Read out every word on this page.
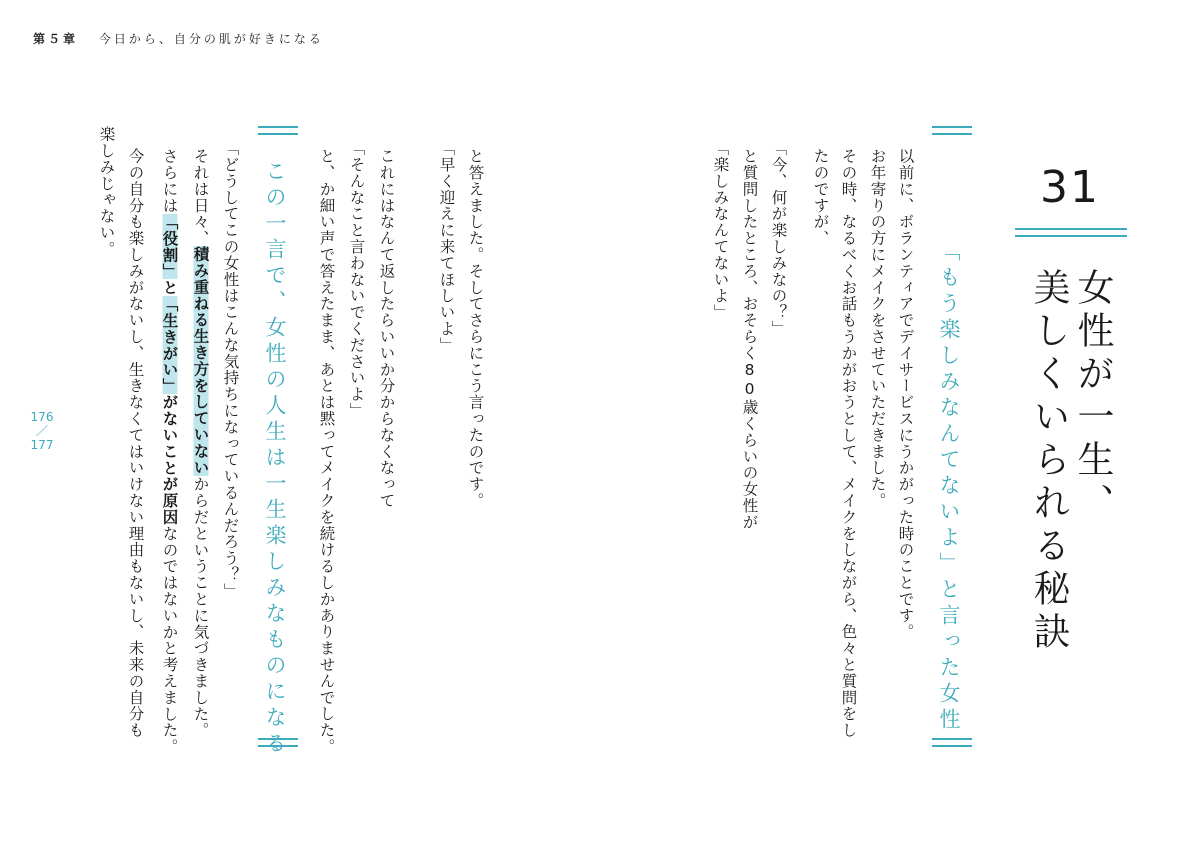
第５章 今日から、自分の肌が好きになる
31
女性が一生、
美しくいられる秘訣
「もう楽しみなんてないよ」と言った女性
以前に、ボランティアでデイサービスにうかがった時のことです。
お年寄りの方にメイクをさせていただきました。
その時、なるべくお話もうかがおうとして、メイクをしながら、色々と質問をし
たのですが、
「今、何が楽しみなの？」
と質問したところ、おそらく80歳くらいの女性が
「楽しみなんてないよ」
と答えました。そしてさらにこう言ったのです。
「早く迎えに来てほしいよ」
これにはなんて返したらいいか分からなくなって
「そんなこと言わないでくださいよ」
と、か細い声で答えたまま、あとは黙ってメイクを続けるしかありませんでした。
この一言で、女性の人生は一生楽しみなものになる
「どうしてこの女性はこんな気持ちになっているんだろう？」
それは日々、積み重ねる生き方をしていないからだということに気づきました。
さらには「役割」と「生きがい」がないことが原因なのではないかと考えました。
今の自分も楽しみがないし、生きなくてはいけない理由もないし、未来の自分も
楽しみじゃない。
176
／
177
